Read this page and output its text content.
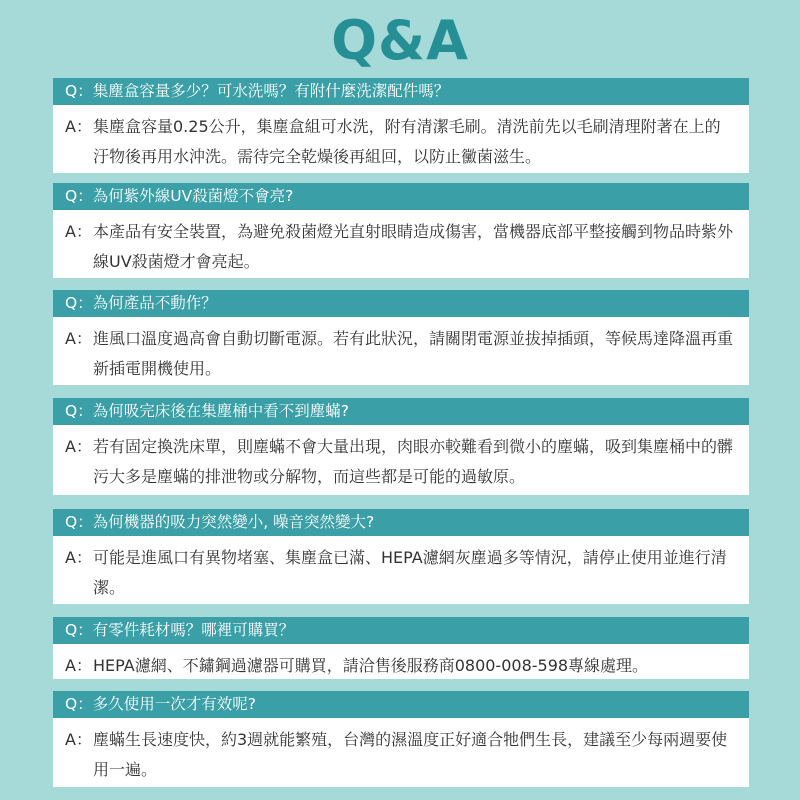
Q&A
Q：集塵盒容量多少？可水洗嗎？有附什麼洗潔配件嗎？
A： 集塵盒容量0.25公升，集塵盒組可水洗，附有清潔毛刷。清洗前先以毛刷清理附著在上的汙物後再用水沖洗。需待完全乾燥後再組回，以防止黴菌滋生。
Q：為何紫外線UV殺菌燈不會亮?
A： 本產品有安全裝置，為避免殺菌燈光直射眼睛造成傷害，當機器底部平整接觸到物品時紫外線UV殺菌燈才會亮起。
Q：為何產品不動作？
A： 進風口溫度過高會自動切斷電源。若有此狀況，請關閉電源並拔掉插頭，等候馬達降溫再重新插電開機使用。
Q：為何吸完床後在集塵桶中看不到塵蟎?
A： 若有固定換洗床單，則塵蟎不會大量出現，肉眼亦較難看到微小的塵蟎，吸到集塵桶中的髒污大多是塵蟎的排泄物或分解物，而這些都是可能的過敏原。
Q：為何機器的吸力突然變小, 噪音突然變大?
A： 可能是進風口有異物堵塞、集塵盒已滿、HEPA濾網灰塵過多等情況，請停止使用並進行清潔。
Q：有零件耗材嗎？哪裡可購買？
A： HEPA濾網、不鏽鋼過濾器可購買，請洽售後服務商0800-008-598專線處理。
Q：多久使用一次才有效呢?
A： 塵蟎生長速度快，約3週就能繁殖，台灣的濕溫度正好適合牠們生長，建議至少每兩週要使用一遍。
